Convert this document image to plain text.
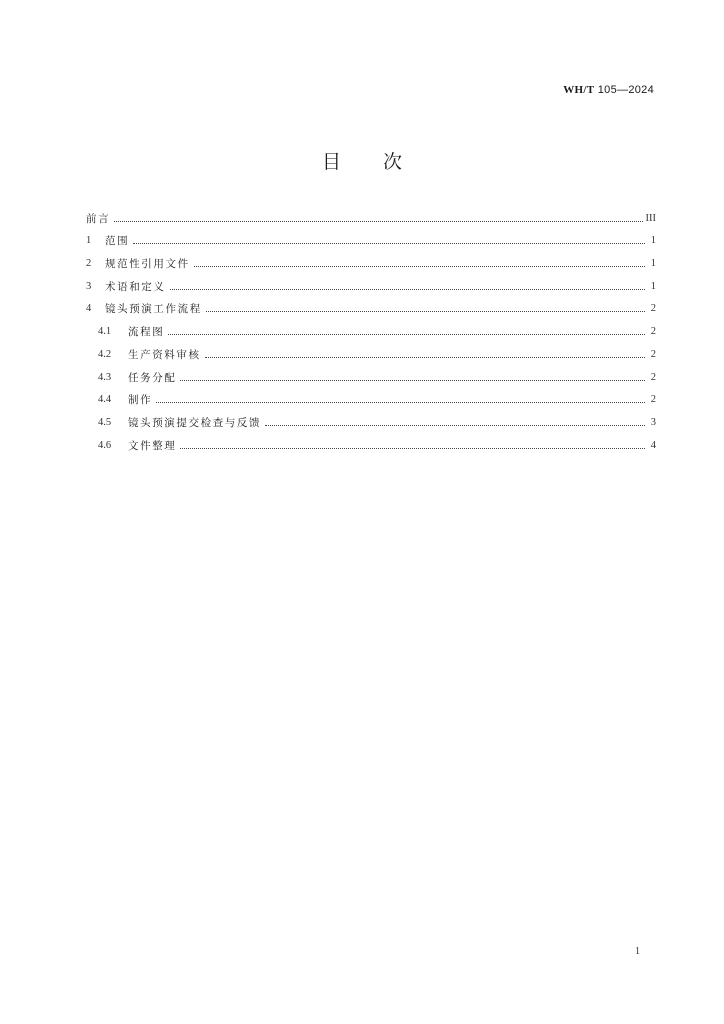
WH/T 105—2024
目 次
前言	III
1	范围	1
2	规范性引用文件	1
3	术语和定义	1
4	镜头预演工作流程	2
4.1	流程图	2
4.2	生产资料审核	2
4.3	任务分配	2
4.4	制作	2
4.5	镜头预演提交检查与反馈	3
4.6	文件整理	4
1
